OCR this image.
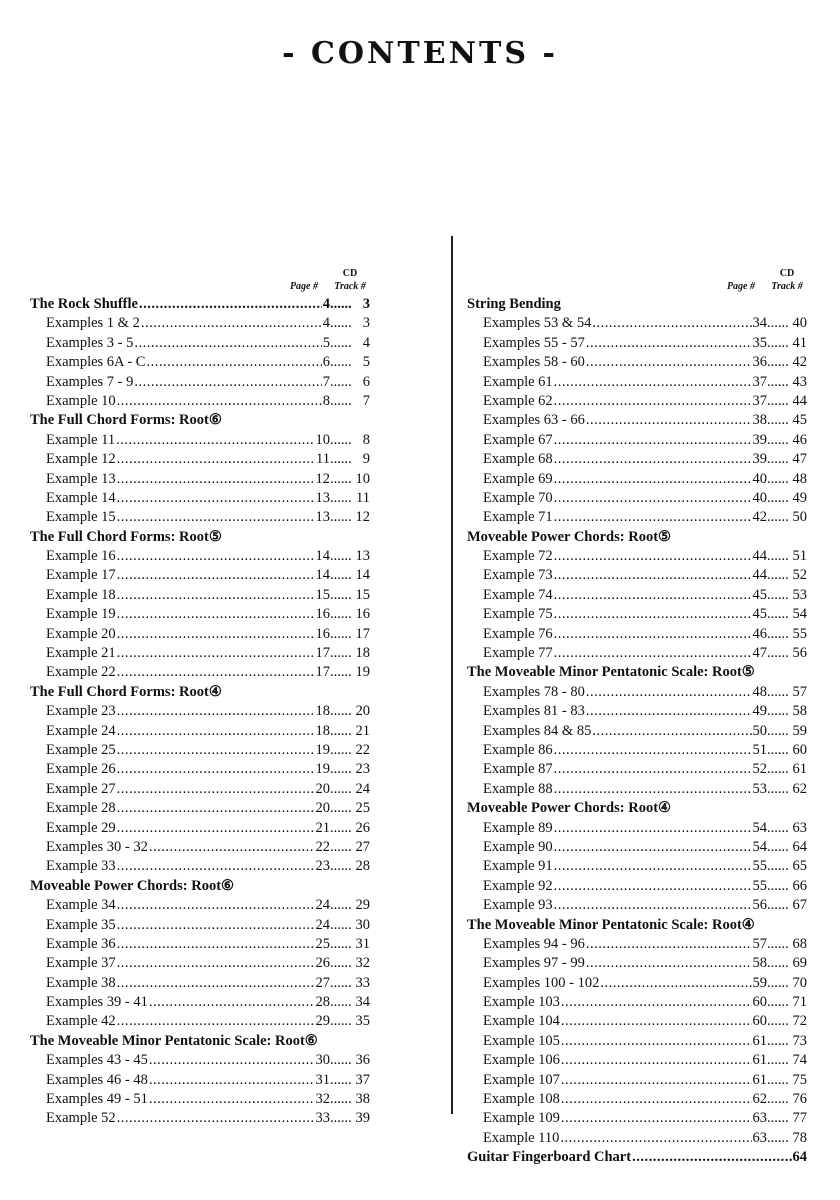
- CONTENTS -
CD
Page #	Track #
The Rock Shuffle .....	4 ........	3
Examples 1 & 2 .....	4 ........	3
Examples 3 - 5 .....	5 ........	4
Examples 6A - C .....	6 ........	5
Examples 7 - 9 .....	7 ........	6
Example 10 .....	8 ........	7
The Full Chord Forms: Root⑥
Example 11 .....	10 ........	8
Example 12 .....	11 ........	9
Example 13 .....	12 ........ 10
Example 14 .....	13 ........ 11
Example 15 .....	13 ........ 12
The Full Chord Forms: Root⑤
Example 16 .....	14 ........ 13
Example 17 .....	14 ........ 14
Example 18 .....	15 ........ 15
Example 19 .....	16 ........ 16
Example 20 .....	16 ........ 17
Example 21 .....	17 ........ 18
Example 22 .....	17 ........ 19
The Full Chord Forms: Root④
Example 23 .....	18 ........ 20
Example 24 .....	18 ........ 21
Example 25 .....	19 ........ 22
Example 26 .....	19 ........ 23
Example 27 .....	20 ........ 24
Example 28 .....	20 ........ 25
Example 29 .....	21 ........ 26
Examples 30 - 32 .....	22 ........ 27
Example 33 .....	23 ........ 28
Moveable Power Chords: Root⑥
Example 34 .....	24 ........ 29
Example 35 .....	24 ........ 30
Example 36 .....	25 ........ 31
Example 37 .....	26 ........ 32
Example 38 .....	27 ........ 33
Examples 39 - 41 .....	28 ........ 34
Example 42 .....	29 ........ 35
The Moveable Minor Pentatonic Scale: Root⑥
Examples 43 - 45 .....	30 ........ 36
Examples 46 - 48 .....	31 ........ 37
Examples 49 - 51 .....	32 ........ 38
Example 52 .....	33 ........ 39
CD
Page #	Track #
String Bending
Examples 53 & 54 .....	34 ........ 40
Examples 55 - 57 .....	35 ........ 41
Examples 58 - 60 .....	36 ........ 42
Example 61 .....	37 ........ 43
Example 62 .....	37 ........ 44
Examples 63 - 66 .....	38 ........ 45
Example 67 .....	39 ........ 46
Example 68 .....	39 ........ 47
Example 69 .....	40 ........ 48
Example 70 .....	40 ........ 49
Example 71 .....	42 ........ 50
Moveable Power Chords: Root⑤
Example 72 .....	44 ........ 51
Example 73 .....	44 ........ 52
Example 74 .....	45 ........ 53
Example 75 .....	45 ........ 54
Example 76 .....	46 ........ 55
Example 77 .....	47 ........ 56
The Moveable Minor Pentatonic Scale: Root⑤
Examples 78 - 80 .....	48 ........ 57
Examples 81 - 83 .....	49 ........ 58
Examples 84 & 85 .....	50 ........ 59
Example 86 .....	51 ........ 60
Example 87 .....	52 ........ 61
Example 88 .....	53 ........ 62
Moveable Power Chords: Root④
Example 89 .....	54 ........ 63
Example 90 .....	54 ........ 64
Example 91 .....	55 ........ 65
Example 92 .....	55 ........ 66
Example 93 .....	56 ........ 67
The Moveable Minor Pentatonic Scale: Root④
Examples 94 - 96 .....	57 ........ 68
Examples 97 - 99 .....	58 ........ 69
Examples 100 - 102 .....	59 ........ 70
Example 103 .....	60 ........ 71
Example 104 .....	60 ........ 72
Example 105 .....	61 ........ 73
Example 106 .....	61 ........ 74
Example 107 .....	61 ........ 75
Example 108 .....	62 ........ 76
Example 109 .....	63 ........ 77
Example 110 .....	63 ........ 78
Guitar Fingerboard Chart .....	64
